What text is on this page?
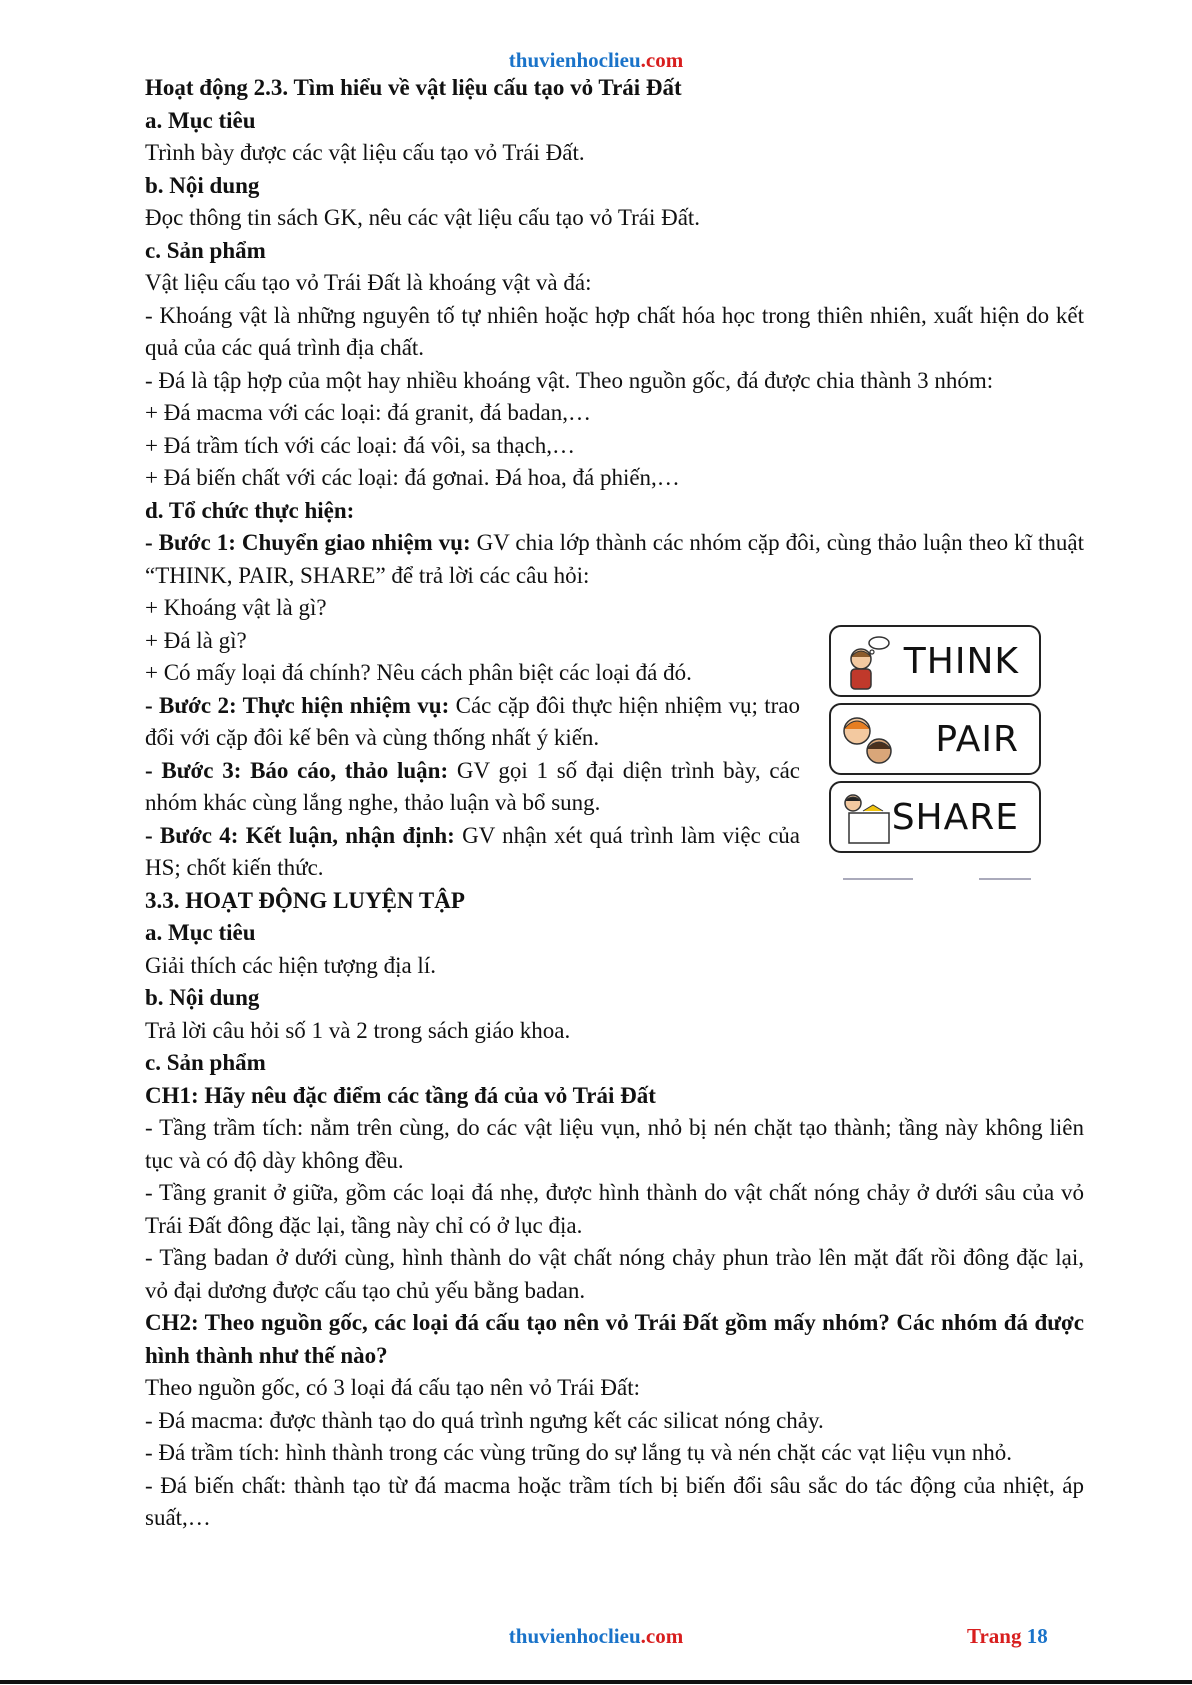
thuvienhoclieu.com

Hoạt động 2.3. Tìm hiểu về vật liệu cấu tạo vỏ Trái Đất

a. Mục tiêu

Trình bày được các vật liệu cấu tạo vỏ Trái Đất.

b. Nội dung

Đọc thông tin sách GK, nêu các vật liệu cấu tạo vỏ Trái Đất.

c. Sản phẩm

Vật liệu cấu tạo vỏ Trái Đất là khoáng vật và đá:

- Khoáng vật là những nguyên tố tự nhiên hoặc hợp chất hóa học trong thiên nhiên, xuất hiện do kết quả của các quá trình địa chất.

- Đá là tập hợp của một hay nhiều khoáng vật. Theo nguồn gốc, đá được chia thành 3 nhóm:

+ Đá macma với các loại: đá granit, đá badan,…

+ Đá trầm tích với các loại: đá vôi, sa thạch,…

+ Đá biến chất với các loại: đá gơnai. Đá hoa, đá phiến,…

d. Tổ chức thực hiện:

- Bước 1: Chuyển giao nhiệm vụ: GV chia lớp thành các nhóm cặp đôi, cùng thảo luận theo kĩ thuật “THINK, PAIR, SHARE” để trả lời các câu hỏi:

+ Khoáng vật là gì?

+ Đá là gì?

+ Có mấy loại đá chính? Nêu cách phân biệt các loại đá đó.

- Bước 2: Thực hiện nhiệm vụ: Các cặp đôi thực hiện nhiệm vụ; trao đổi với cặp đôi kế bên và cùng thống nhất ý kiến.

- Bước 3: Báo cáo, thảo luận: GV gọi 1 số đại diện trình bày, các nhóm khác cùng lắng nghe, thảo luận và bổ sung.

- Bước 4: Kết luận, nhận định: GV nhận xét quá trình làm việc của HS; chốt kiến thức.

3.3. HOẠT ĐỘNG LUYỆN TẬP

a. Mục tiêu

Giải thích các hiện tượng địa lí.

b. Nội dung

Trả lời câu hỏi số 1 và 2 trong sách giáo khoa.

c. Sản phẩm

CH1: Hãy nêu đặc điểm các tầng đá của vỏ Trái Đất

- Tầng trầm tích: nằm trên cùng, do các vật liệu vụn, nhỏ bị nén chặt tạo thành; tầng này không liên tục và có độ dày không đều.

- Tầng granit ở giữa, gồm các loại đá nhẹ, được hình thành do vật chất nóng chảy ở dưới sâu của vỏ Trái Đất đông đặc lại, tầng này chỉ có ở lục địa.

- Tầng badan ở dưới cùng, hình thành do vật chất nóng chảy phun trào lên mặt đất rồi đông đặc lại, vỏ đại dương được cấu tạo chủ yếu bằng badan.

CH2: Theo nguồn gốc, các loại đá cấu tạo nên vỏ Trái Đất gồm mấy nhóm? Các nhóm đá được hình thành như thế nào?

Theo nguồn gốc, có 3 loại đá cấu tạo nên vỏ Trái Đất:

- Đá macma: được thành tạo do quá trình ngưng kết các silicat nóng chảy.

- Đá trầm tích: hình thành trong các vùng trũng do sự lắng tụ và nén chặt các vạt liệu vụn nhỏ.

- Đá biến chất: thành tạo từ đá macma hoặc trầm tích bị biến đổi sâu sắc do tác động của nhiệt, áp suất,…

THINK
PAIR
SHARE
thuvienhoclieu.com	Trang 18
